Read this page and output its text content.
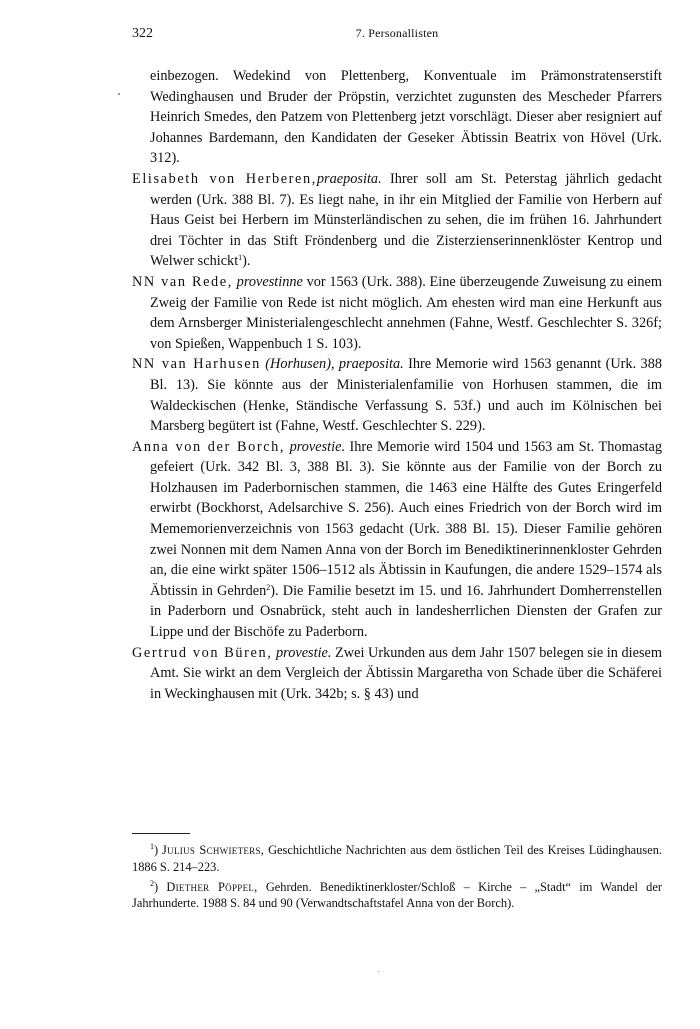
322	7. Personallisten

einbezogen. Wedekind von Plettenberg, Konventuale im Prämonstratenserstift Wedinghausen und Bruder der Pröpstin, verzichtet zugunsten des Mescheder Pfarrers Heinrich Smedes, den Patzem von Plettenberg jetzt vorschlägt. Dieser aber resigniert auf Johannes Bardemann, den Kandidaten der Geseker Äbtissin Beatrix von Hövel (Urk. 312).

Elisabeth von Herberen,praeposita. Ihrer soll am St. Peterstag jährlich gedacht werden (Urk. 388 Bl. 7). Es liegt nahe, in ihr ein Mitglied der Familie von Herbern auf Haus Geist bei Herbern im Münsterländischen zu sehen, die im frühen 16. Jahrhundert drei Töchter in das Stift Fröndenberg und die Zisterzienserinnenklöster Kentrop und Welwer schickt$^1$).

NN van Rede, provestinne vor 1563 (Urk. 388). Eine überzeugende Zuweisung zu einem Zweig der Familie von Rede ist nicht möglich. Am ehesten wird man eine Herkunft aus dem Arnsberger Ministerialengeschlecht annehmen (Fahne, Westf. Geschlechter S. 326f; von Spießen, Wappenbuch 1 S. 103).

NN van Harhusen (Horhusen), praeposita. Ihre Memorie wird 1563 genannt (Urk. 388 Bl. 13). Sie könnte aus der Ministerialenfamilie von Horhusen stammen, die im Waldeckischen (Henke, Ständische Verfassung S. 53f.) und auch im Kölnischen bei Marsberg begütert ist (Fahne, Westf. Geschlechter S. 229).

Anna von der Borch, provestie. Ihre Memorie wird 1504 und 1563 am St. Thomastag gefeiert (Urk. 342 Bl. 3, 388 Bl. 3). Sie könnte aus der Familie von der Borch zu Holzhausen im Paderbornischen stammen, die 1463 eine Hälfte des Gutes Eringerfeld erwirbt (Bockhorst, Adelsarchive S. 256). Auch eines Friedrich von der Borch wird im Mememorienverzeichnis von 1563 gedacht (Urk. 388 Bl. 15). Dieser Familie gehören zwei Nonnen mit dem Namen Anna von der Borch im Benediktinerinnenkloster Gehrden an, die eine wirkt später 1506–1512 als Äbtissin in Kaufungen, die andere 1529–1574 als Äbtissin in Gehrden$^2$). Die Familie besetzt im 15. und 16. Jahrhundert Domherrenstellen in Paderborn und Osnabrück, steht auch in landesherrlichen Diensten der Grafen zur Lippe und der Bischöfe zu Paderborn.

Gertrud von Büren, provestie. Zwei Urkunden aus dem Jahr 1507 belegen sie in diesem Amt. Sie wirkt an dem Vergleich der Äbtissin Margaretha von Schade über die Schäferei in Weckinghausen mit (Urk. 342b; s. § 43) und

$^1$) Julius Schwieters, Geschichtliche Nachrichten aus dem östlichen Teil des Kreises Lüdinghausen. 1886 S. 214–223.

$^2$) Diether Pöppel, Gehrden. Benediktinerkloster/Schloß – Kirche – „Stadt“ im Wandel der Jahrhunderte. 1988 S. 84 und 90 (Verwandtschaftstafel Anna von der Borch).
